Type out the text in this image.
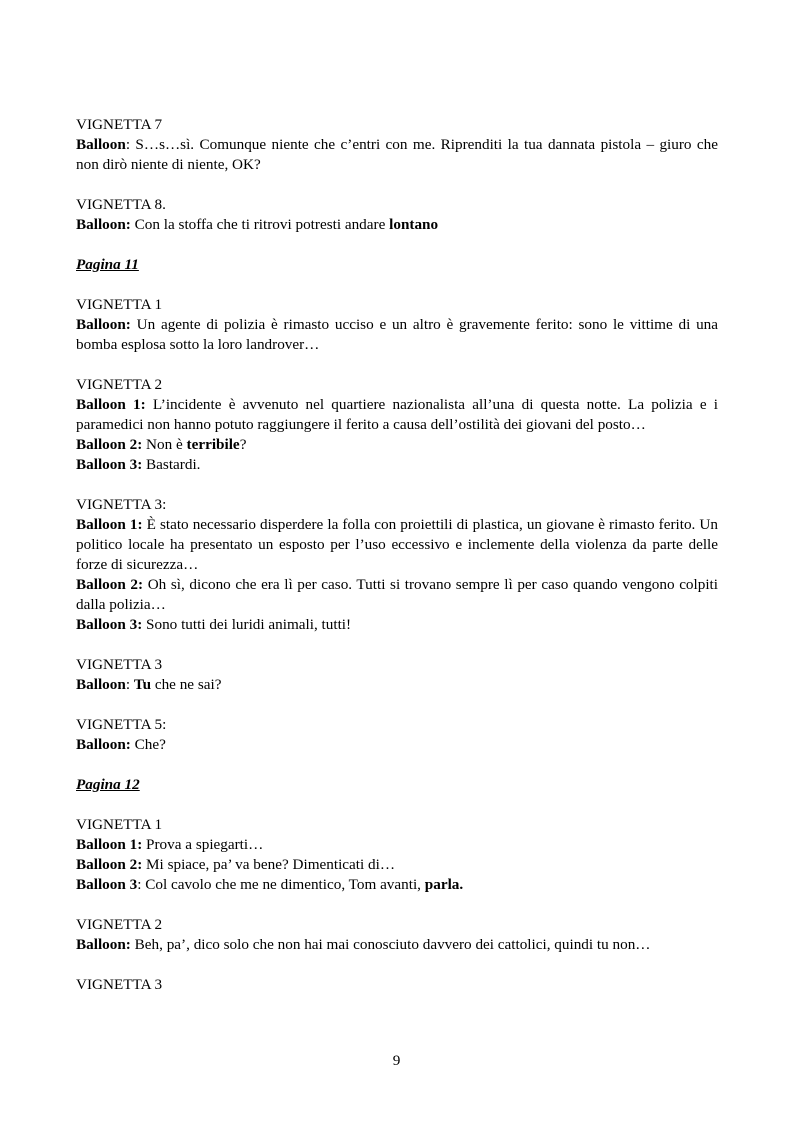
VIGNETTA 7

Balloon: S…s…sì. Comunque niente che c’entri con me. Riprenditi la tua dannata pistola – giuro che non dirò niente di niente, OK?

VIGNETTA 8.

Balloon: Con la stoffa che ti ritrovi potresti andare lontano

Pagina 11

VIGNETTA 1

Balloon: Un agente di polizia è rimasto ucciso e un altro è gravemente ferito: sono le vittime di una bomba esplosa sotto la loro landrover…

VIGNETTA 2

Balloon 1: L’incidente è avvenuto nel quartiere nazionalista all’una di questa notte. La polizia e i paramedici non hanno potuto raggiungere il ferito a causa dell’ostilità dei giovani del posto…

Balloon 2: Non è terribile?

Balloon 3: Bastardi.

VIGNETTA 3:

Balloon 1: È stato necessario disperdere la folla con proiettili di plastica, un giovane è rimasto ferito. Un politico locale ha presentato un esposto per l’uso eccessivo e inclemente della violenza da parte delle forze di sicurezza…

Balloon 2: Oh sì, dicono che era lì per caso. Tutti si trovano sempre lì per caso quando vengono colpiti dalla polizia…

Balloon 3: Sono tutti dei luridi animali, tutti!

VIGNETTA 3

Balloon: Tu che ne sai?

VIGNETTA 5:

Balloon: Che?

Pagina 12

VIGNETTA 1

Balloon 1: Prova a spiegarti…

Balloon 2: Mi spiace, pa’ va bene? Dimenticati di…

Balloon 3: Col cavolo che me ne dimentico, Tom avanti, parla.

VIGNETTA 2

Balloon: Beh, pa’, dico solo che non hai mai conosciuto davvero dei cattolici, quindi tu non…

VIGNETTA 3

9
